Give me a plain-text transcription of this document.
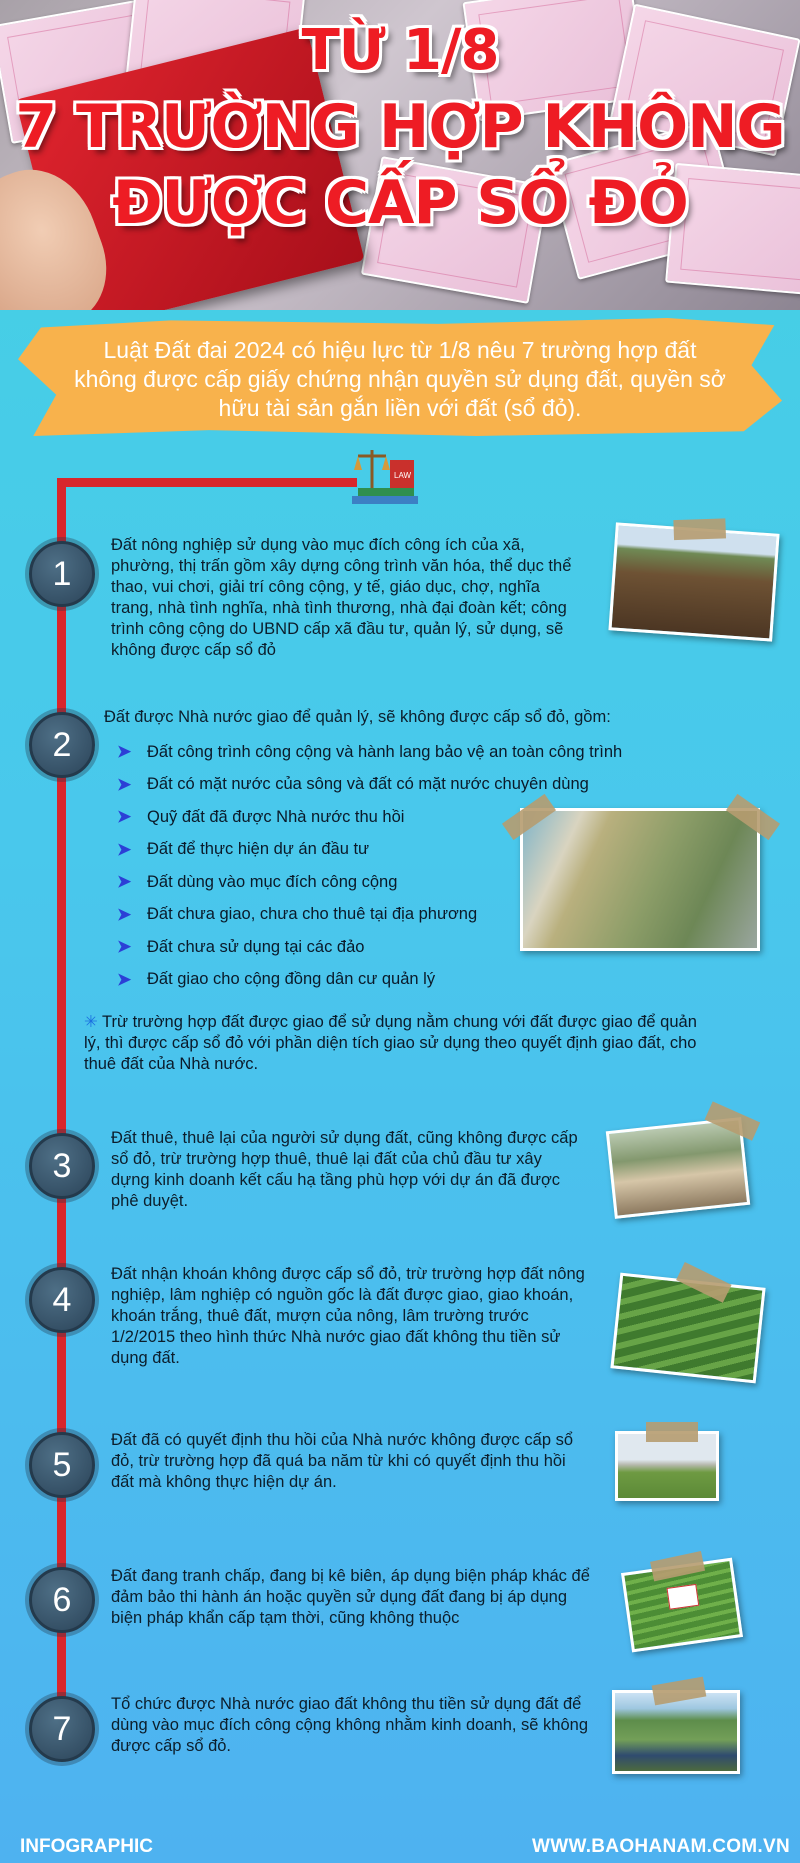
TỪ 1/8
7 TRƯỜNG HỢP KHÔNG
ĐƯỢC CẤP SỔ ĐỎ
Luật Đất đai 2024 có hiệu lực từ 1/8 nêu 7 trường hợp đất không được cấp giấy chứng nhận quyền sử dụng đất, quyền sở hữu tài sản gắn liền với đất (sổ đỏ).
LAW
1
2
3
4
5
6
7
Đất nông nghiệp sử dụng vào mục đích công ích của xã, phường, thị trấn gồm xây dựng công trình văn hóa, thể dục thể thao, vui chơi, giải trí công cộng, y tế, giáo dục, chợ, nghĩa trang, nhà tình nghĩa, nhà tình thương, nhà đại đoàn kết; công trình công cộng do UBND cấp xã đầu tư, quản lý, sử dụng, sẽ không được cấp sổ đỏ
Đất được Nhà nước giao để quản lý, sẽ không được cấp sổ đỏ, gồm:
➤ Đất công trình công cộng và hành lang bảo vệ an toàn công trình
➤ Đất có mặt nước của sông và đất có mặt nước chuyên dùng
➤ Quỹ đất đã được Nhà nước thu hồi
➤ Đất để thực hiện dự án đầu tư
➤ Đất dùng vào mục đích công cộng
➤ Đất chưa giao, chưa cho thuê tại địa phương
➤ Đất chưa sử dụng tại các đảo
➤ Đất giao cho cộng đồng dân cư quản lý
✳ Trừ trường hợp đất được giao để sử dụng nằm chung với đất được giao để quản lý, thì được cấp sổ đỏ với phần diện tích giao sử dụng theo quyết định giao đất, cho thuê đất của Nhà nước.
Đất thuê, thuê lại của người sử dụng đất, cũng không được cấp sổ đỏ, trừ trường hợp thuê, thuê lại đất của chủ đầu tư xây dựng kinh doanh kết cấu hạ tầng phù hợp với dự án đã được phê duyệt.
Đất nhận khoán không được cấp sổ đỏ, trừ trường hợp đất nông nghiệp, lâm nghiệp có nguồn gốc là đất được giao, giao khoán, khoán trắng, thuê đất, mượn của nông, lâm trường trước 1/2/2015 theo hình thức Nhà nước giao đất không thu tiền sử dụng đất.
Đất đã có quyết định thu hồi của Nhà nước không được cấp sổ đỏ, trừ trường hợp đã quá ba năm từ khi có quyết định thu hồi đất mà không thực hiện dự án.
Đất đang tranh chấp, đang bị kê biên, áp dụng biện pháp khác để đảm bảo thi hành án hoặc quyền sử dụng đất đang bị áp dụng biện pháp khẩn cấp tạm thời, cũng không thuộc
Tổ chức được Nhà nước giao đất không thu tiền sử dụng đất để dùng vào mục đích công cộng không nhằm kinh doanh, sẽ không được cấp sổ đỏ.
INFOGRAPHIC	WWW.BAOHANAM.COM.VN
